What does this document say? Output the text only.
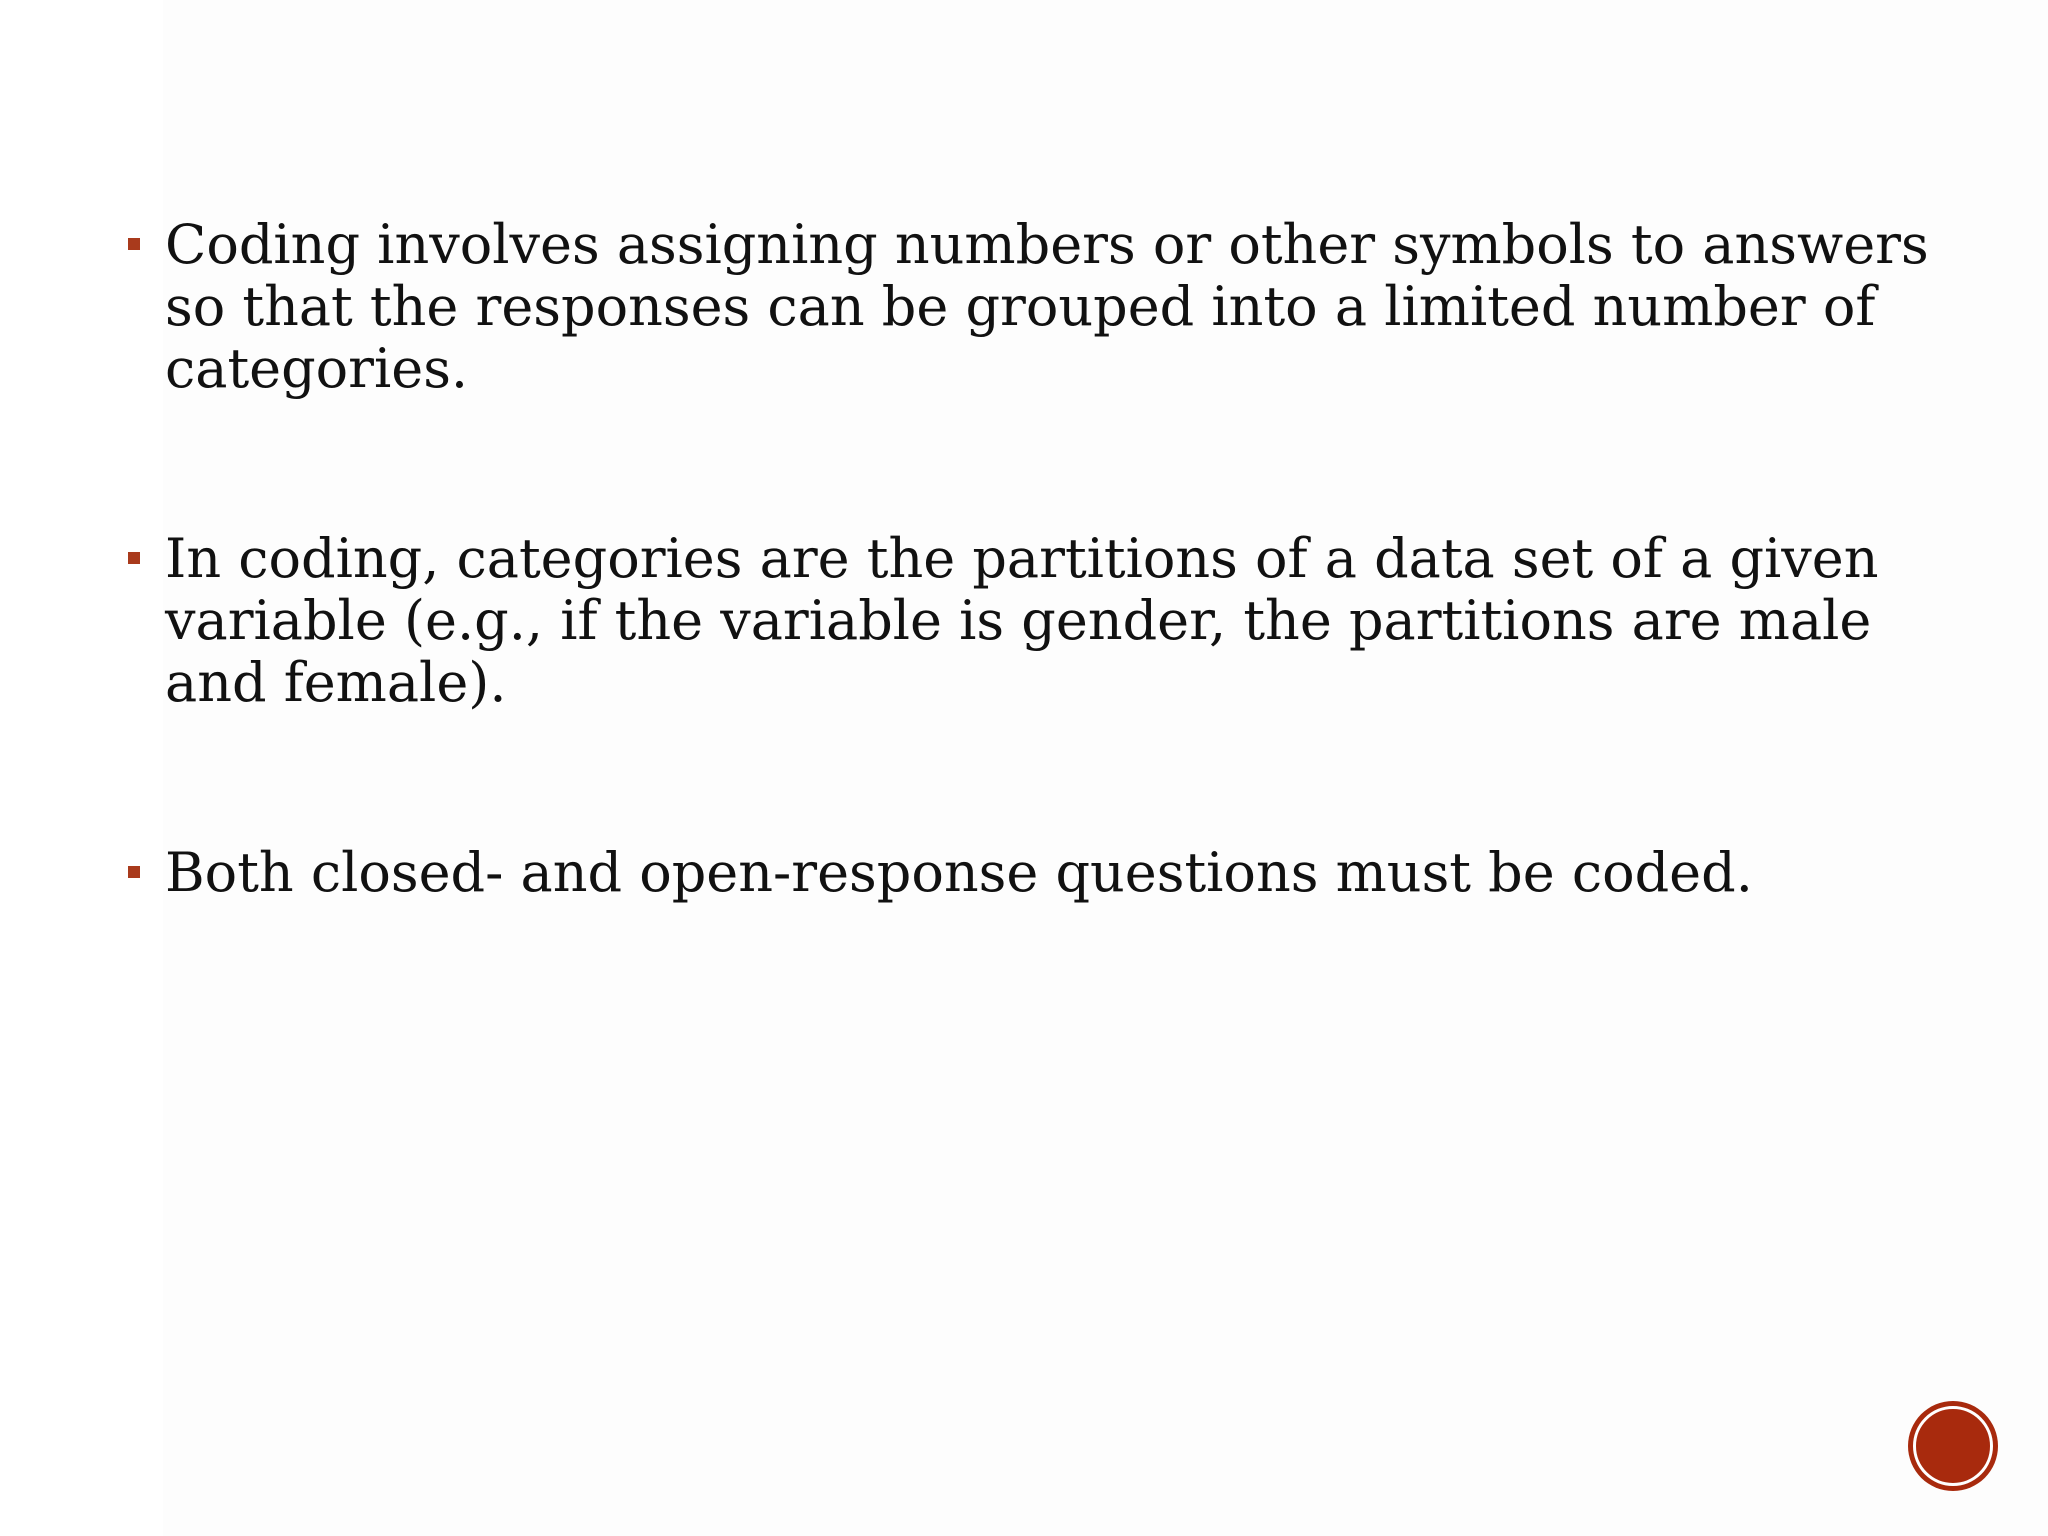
Coding involves assigning numbers or other symbols to answers so that the responses can be grouped into a limited number of categories.
In coding, categories are the partitions of a data set of a given variable (e.g., if the variable is gender, the partitions are male and female).
Both closed- and open-response questions must be coded.
